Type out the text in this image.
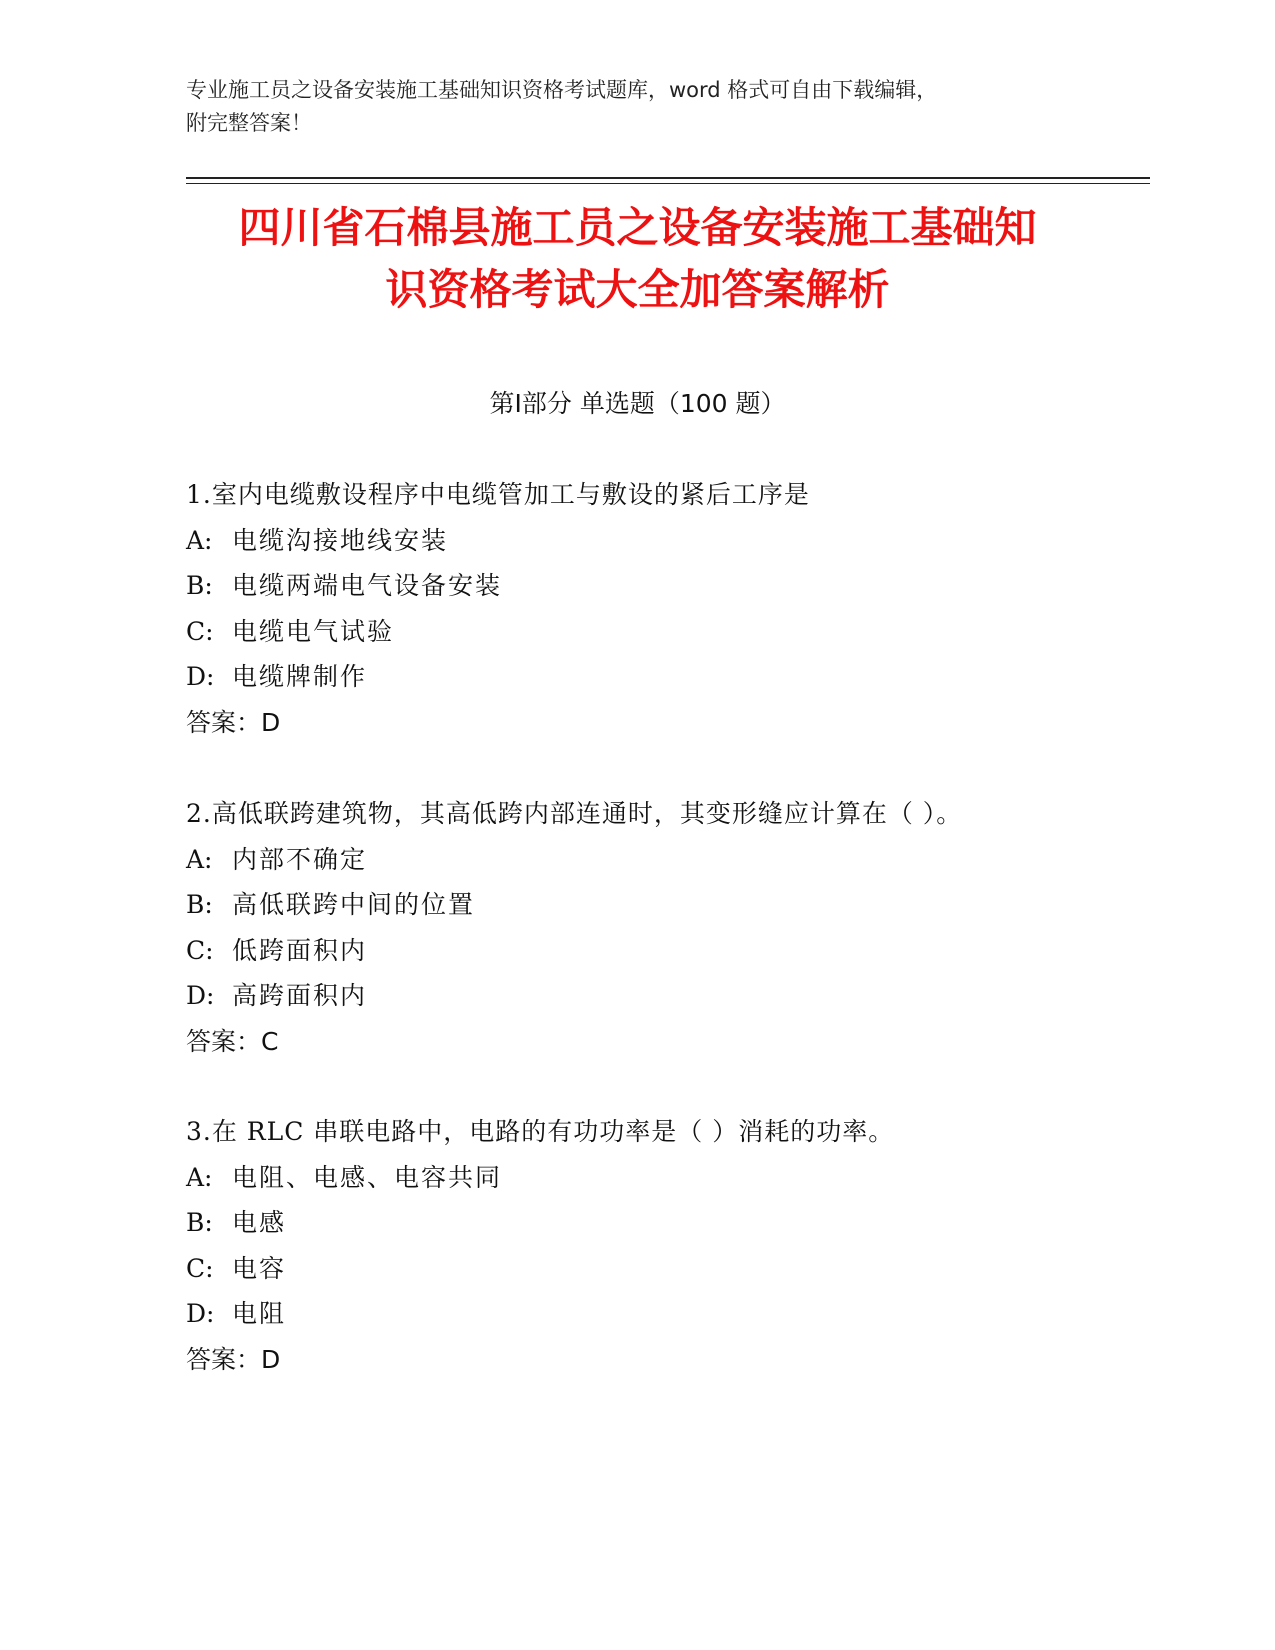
专业施工员之设备安装施工基础知识资格考试题库，word 格式可自由下载编辑，
附完整答案！
四川省石棉县施工员之设备安装施工基础知
识资格考试大全加答案解析
第Ⅰ部分 单选题（100 题）
1.室内电缆敷设程序中电缆管加工与敷设的紧后工序是
A: 电缆沟接地线安装
B: 电缆两端电气设备安装
C: 电缆电气试验
D: 电缆牌制作
答案：D
2.高低联跨建筑物，其高低跨内部连通时，其变形缝应计算在（ ）。
A: 内部不确定
B: 高低联跨中间的位置
C: 低跨面积内
D: 高跨面积内
答案：C
3.在 RLC 串联电路中，电路的有功功率是（ ）消耗的功率。
A: 电阻、电感、电容共同
B: 电感
C: 电容
D: 电阻
答案：D
